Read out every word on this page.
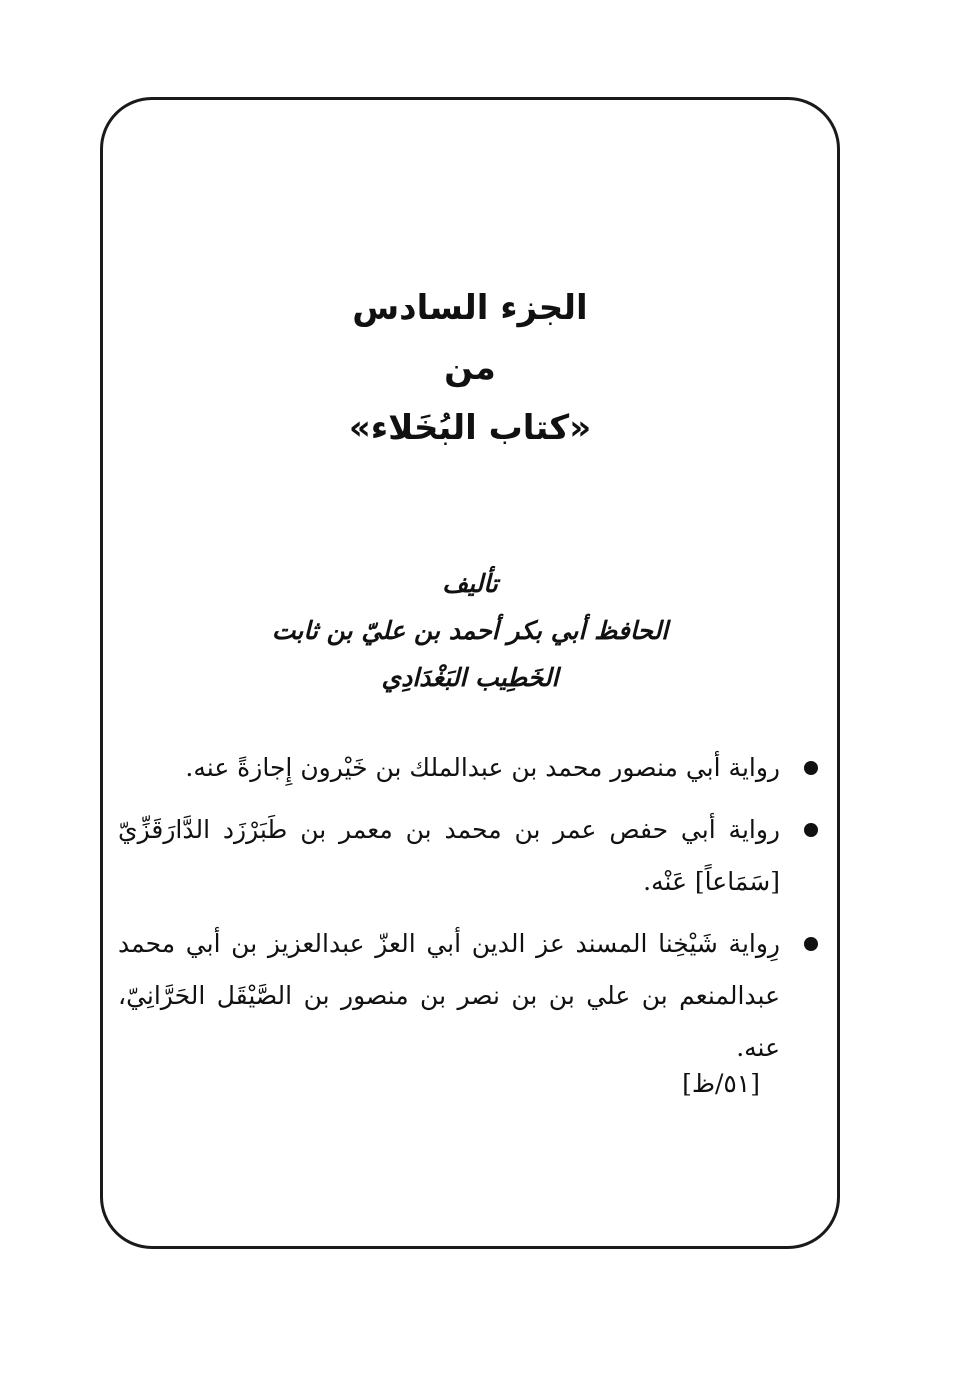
الجزء السادس

من

«كتاب البُخَلاء»

تأليف

الحافظ أبي بكر أحمد بن عليّ بن ثابت

الخَطِيب البَغْدَادِي

رواية أبي منصور محمد بن عبدالملك بن خَيْرون إِجازةً عنه.
رواية أبي حفص عمر بن محمد بن معمر بن طَبَرْزَد الدَّارَقَزِّيّ [سَمَاعاً] عَنْه.
رِواية شَيْخِنا المسند عز الدين أبي العزّ عبدالعزيز بن أبي محمد عبدالمنعم بن علي بن بن نصر بن منصور بن الصَّيْقَل الحَرَّانِيّ، عنه.
[٥١/ظ]
